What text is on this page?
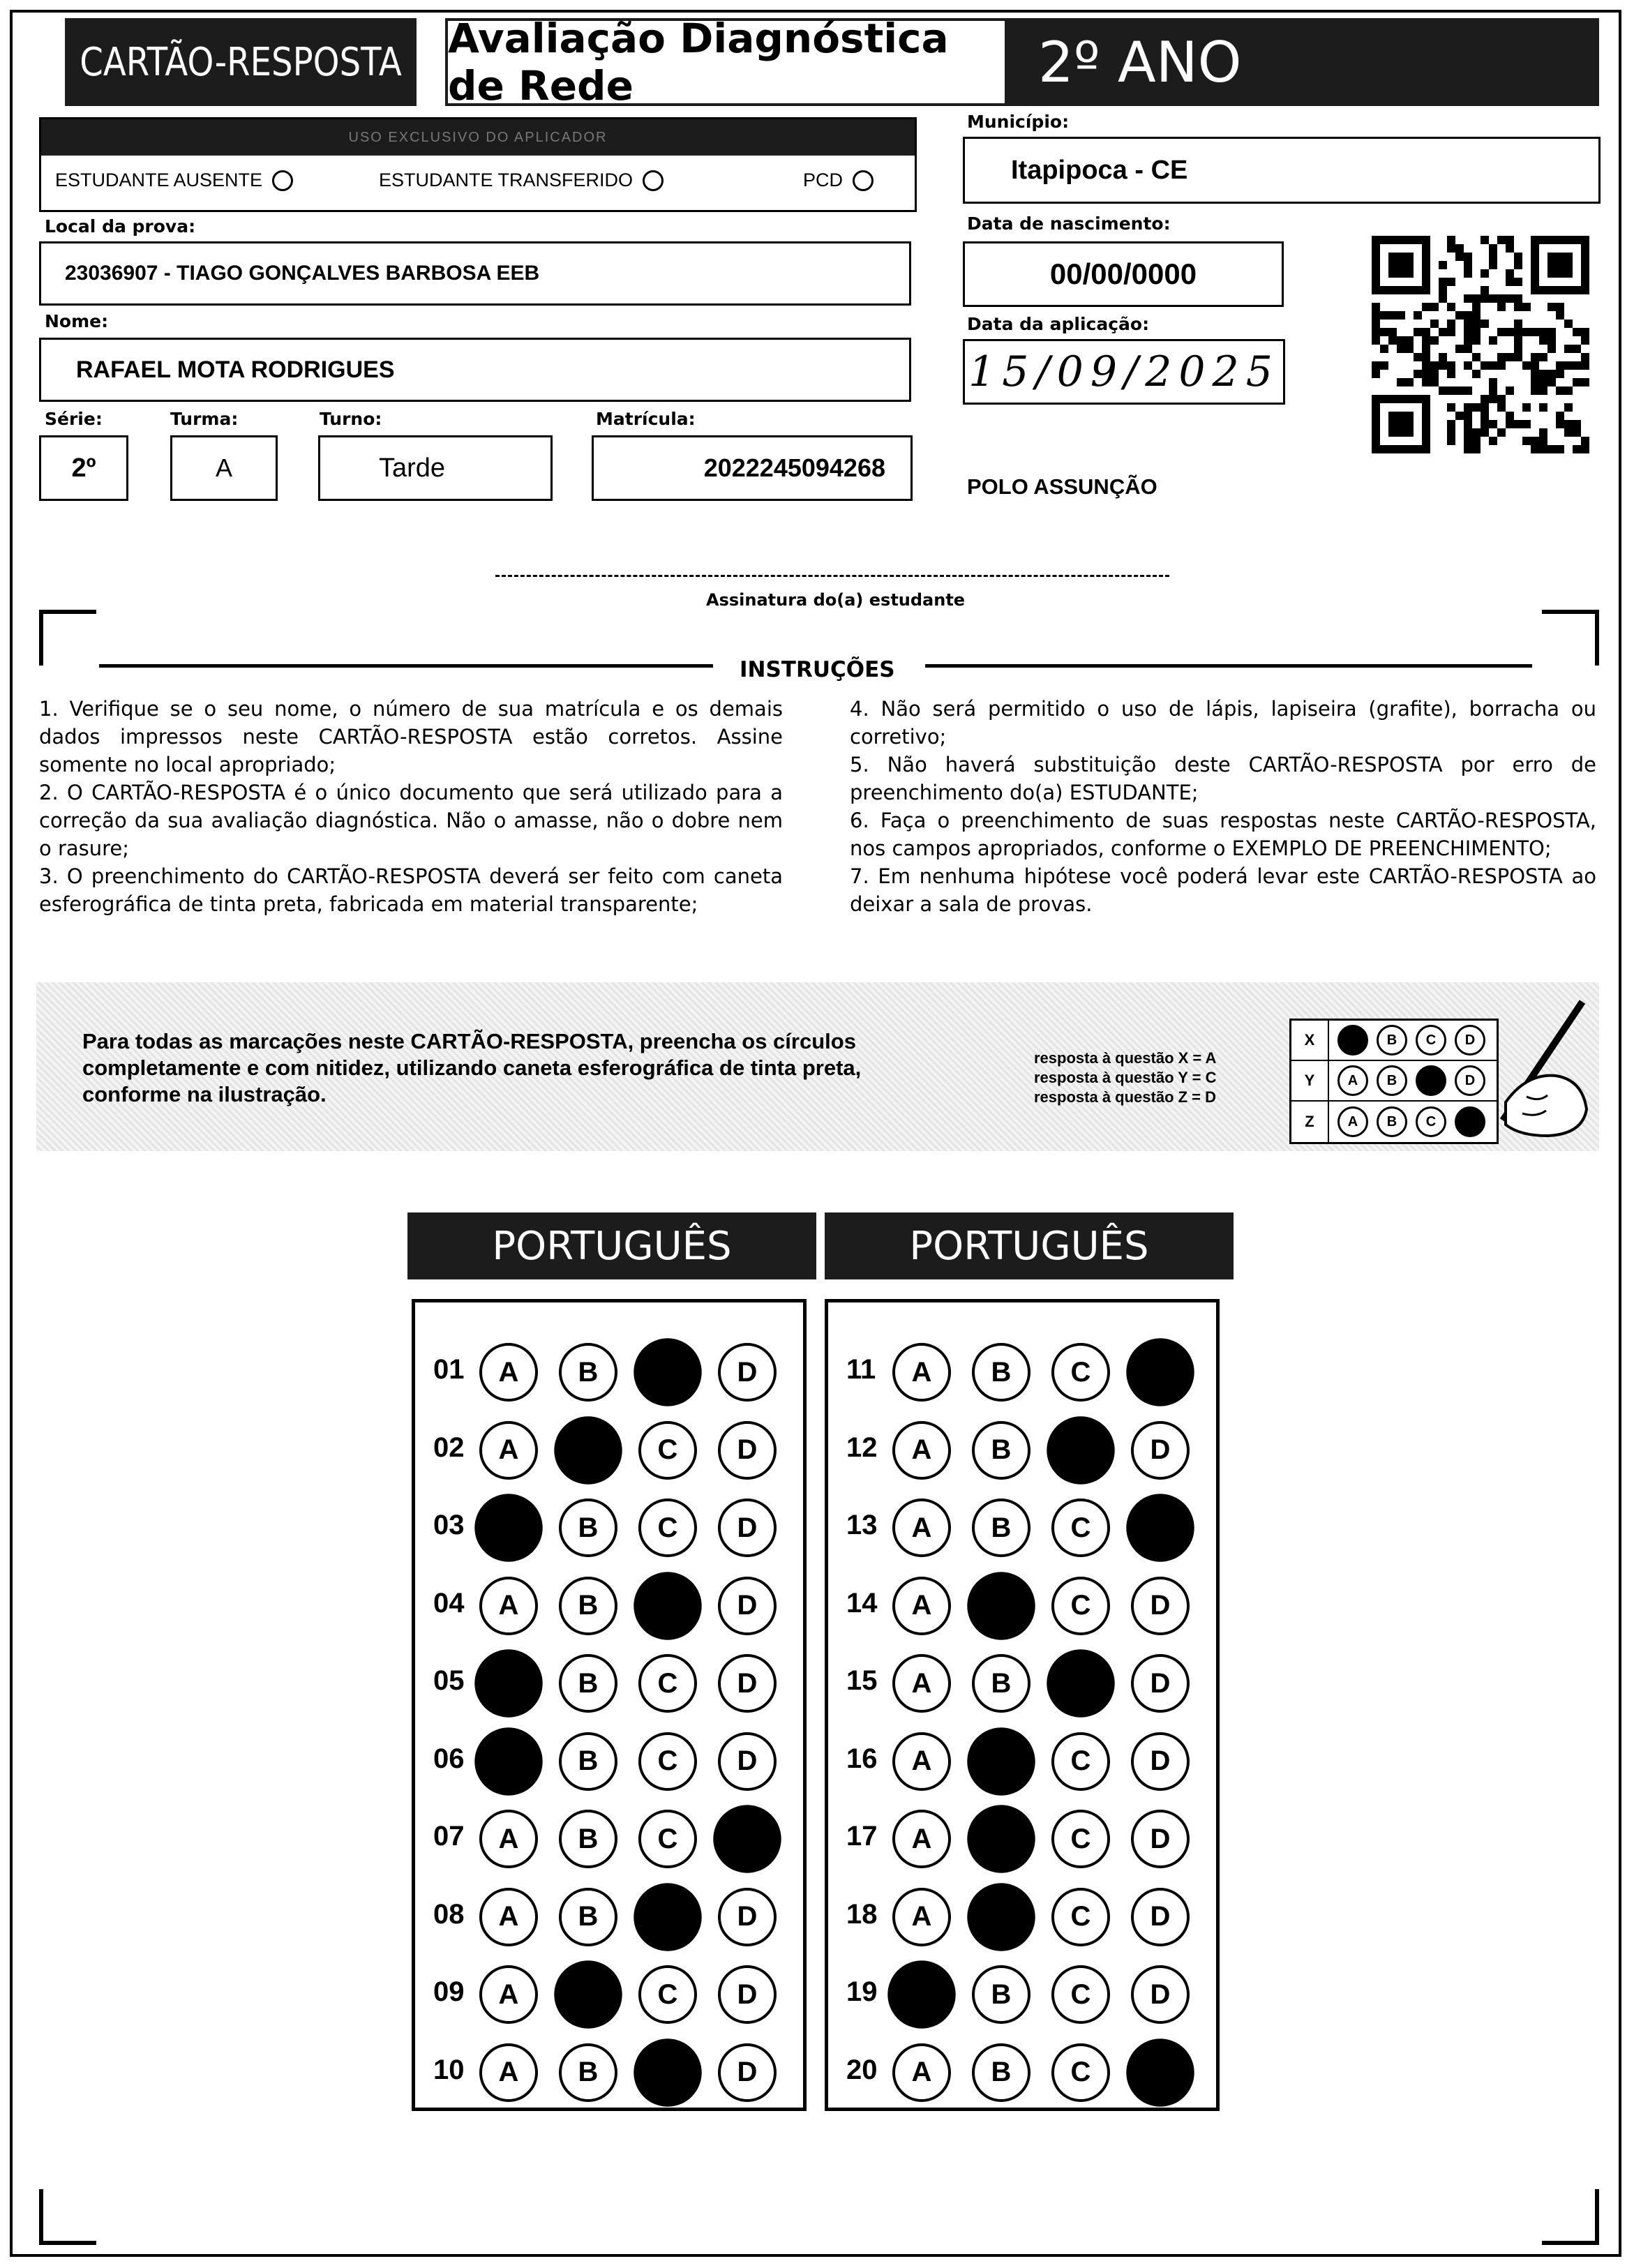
CARTÃO-RESPOSTA	Avaliação Diagnóstica de Rede	2º ANO
USO EXCLUSIVO DO APLICADOR
ESTUDANTE AUSENTE	ESTUDANTE TRANSFERIDO	PCD
Local da prova:
23036907 - TIAGO GONÇALVES BARBOSA EEB
Nome:
RAFAEL MOTA RODRIGUES
Série:
2º
Turma:
A
Turno:
Tarde
Matrícula:
2022245094268
Município:
Itapipoca - CE
Data de nascimento:
00/00/0000
Data da aplicação:
15/09/2025
POLO ASSUNÇÃO
Assinatura do(a) estudante
INSTRUÇÕES

1. Verifique se o seu nome, o número de sua matrícula e os demais dados impressos neste CARTÃO-RESPOSTA estão corretos. Assine somente no local apropriado;

2. O CARTÃO-RESPOSTA é o único documento que será utilizado para a correção da sua avaliação diagnóstica. Não o amasse, não o dobre nem o rasure;

3. O preenchimento do CARTÃO-RESPOSTA deverá ser feito com caneta esferográfica de tinta preta, fabricada em material transparente;

4. Não será permitido o uso de lápis, lapiseira (grafite), borracha ou corretivo;

5. Não haverá substituição deste CARTÃO-RESPOSTA por erro de preenchimento do(a) ESTUDANTE;

6. Faça o preenchimento de suas respostas neste CARTÃO-RESPOSTA, nos campos apropriados, conforme o EXEMPLO DE PREENCHIMENTO;

7. Em nenhuma hipótese você poderá levar este CARTÃO-RESPOSTA ao deixar a sala de provas.

Para todas as marcações neste CARTÃO-RESPOSTA, preencha os círculos completamente e com nitidez, utilizando caneta esferográfica de tinta preta, conforme na ilustração.
resposta à questão X = A
resposta à questão Y = C
resposta à questão Z = D
X	A	B	C	D
Y	A	B	C	D
Z	A	B	C	D
PORTUGUÊS	PORTUGUÊS
01	A	B	C	D
02	A	B	C	D
03	A	B	C	D
04	A	B	C	D
05	A	B	C	D
06	A	B	C	D
07	A	B	C	D
08	A	B	C	D
09	A	B	C	D
10	A	B	C	D
11	A	B	C	D
12	A	B	C	D
13	A	B	C	D
14	A	B	C	D
15	A	B	C	D
16	A	B	C	D
17	A	B	C	D
18	A	B	C	D
19	A	B	C	D
20	A	B	C	D
